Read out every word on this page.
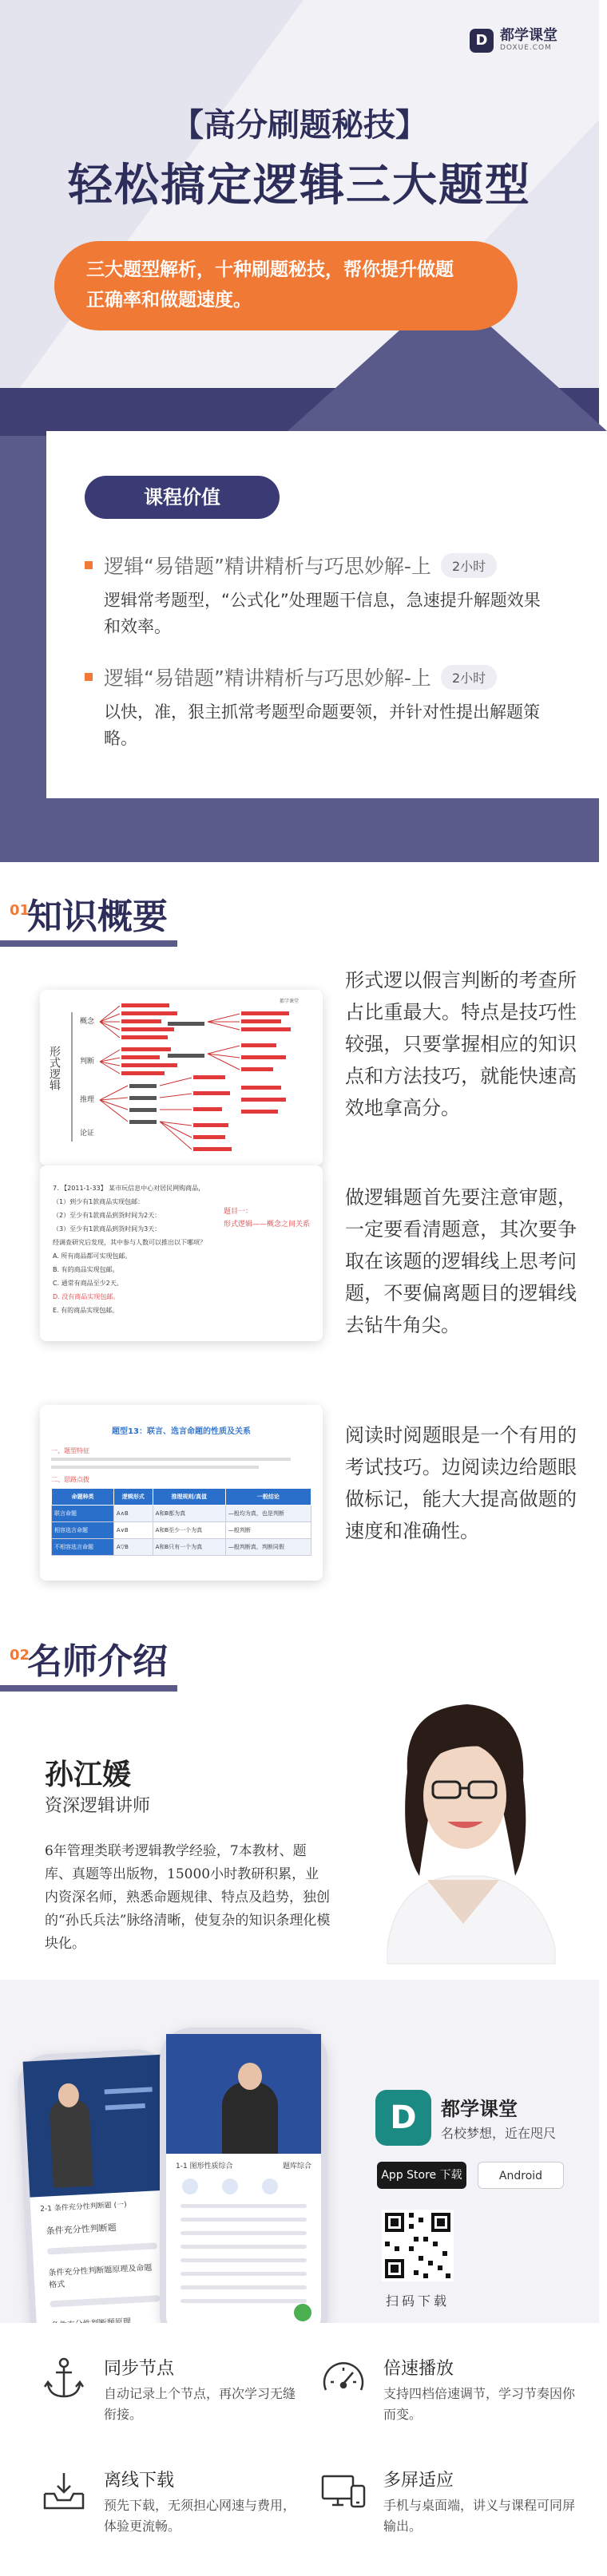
D 都学课堂
DOXUE.COM
【高分刷题秘技】
轻松搞定逻辑三大题型
三大题型解析，十种刷题秘技，帮你提升做题
正确率和做题速度。
课程价值
逻辑“易错题”精讲精析与巧思妙解-上	2小时
逻辑常考题型，“公式化”处理题干信息，急速提升解题效果和效率。
逻辑“易错题”精讲精析与巧思妙解-上	2小时
以快，准，狠主抓常考题型命题要领，并针对性提出解题策略。
01
知识概要
形式逻辑
概念
判断
推理
论证
都学课堂
形式逻以假言判断的考查所占比重最大。特点是技巧性较强，只要掌握相应的知识点和方法技巧，就能快速高效地拿高分。
7. 【2011-1-33】 某市玩信息中心对居民网购商品，
（1）到少有1款商品实现包邮：
（2）至少有1款商品到货时间为2天：
（3）至少有1款商品到货时间为3天：
经调查研究后发现，其中参与人数可以推出以下哪项？
A. 所有商品都可实现包邮。
B. 有的商品实现包邮。
C. 通常有商品至少2天。
D. 没有商品实现包邮。
E. 有的商品实现包邮。
题目一：
形式逻辑——概念之间关系
做逻辑题首先要注意审题，一定要看清题意，其次要争取在该题的逻辑线上思考问题，不要偏离题目的逻辑线去钻牛角尖。
题型13：联言、选言命题的性质及关系
一、题型特征
二、思路点拨
命题种类	逻辑形式	推理规则/真值	一般结论
联言命题	A∧B	A和B都为真	—般均为真，也是判断
相容选言命题	A∨B	A和B至少一个为真	—般判断
不相容选言命题	A▽B	A和B只有一个为真	—般判断真，判断同假
阅读时阅题眼是一个有用的考试技巧。边阅读边给题眼做标记，能大大提高做题的速度和准确性。
02
名师介绍
孙江媛
资深逻辑讲师
6年管理类联考逻辑教学经验，7本教材、题库、真题等出版物，15000小时教研积累，业内资深名师，熟悉命题规律、特点及趋势，独创的“孙氏兵法”脉络清晰，使复杂的知识条理化模块化。
2-1 条件充分性判断题 (一)
条件充分性判断题
条件充分性判断题原理及命题格式
1-1 图形性质综合	题库综合
D	都学课堂
名校梦想，近在咫尺
App Store 下载	Android
扫码下载
同步节点
自动记录上个节点，再次学习无缝衔接。
倍速播放
支持四档倍速调节，学习节奏因你而变。
离线下载
预先下载，无须担心网速与费用，体验更流畅。
多屏适应
手机与桌面端，讲义与课程可同屏输出。
